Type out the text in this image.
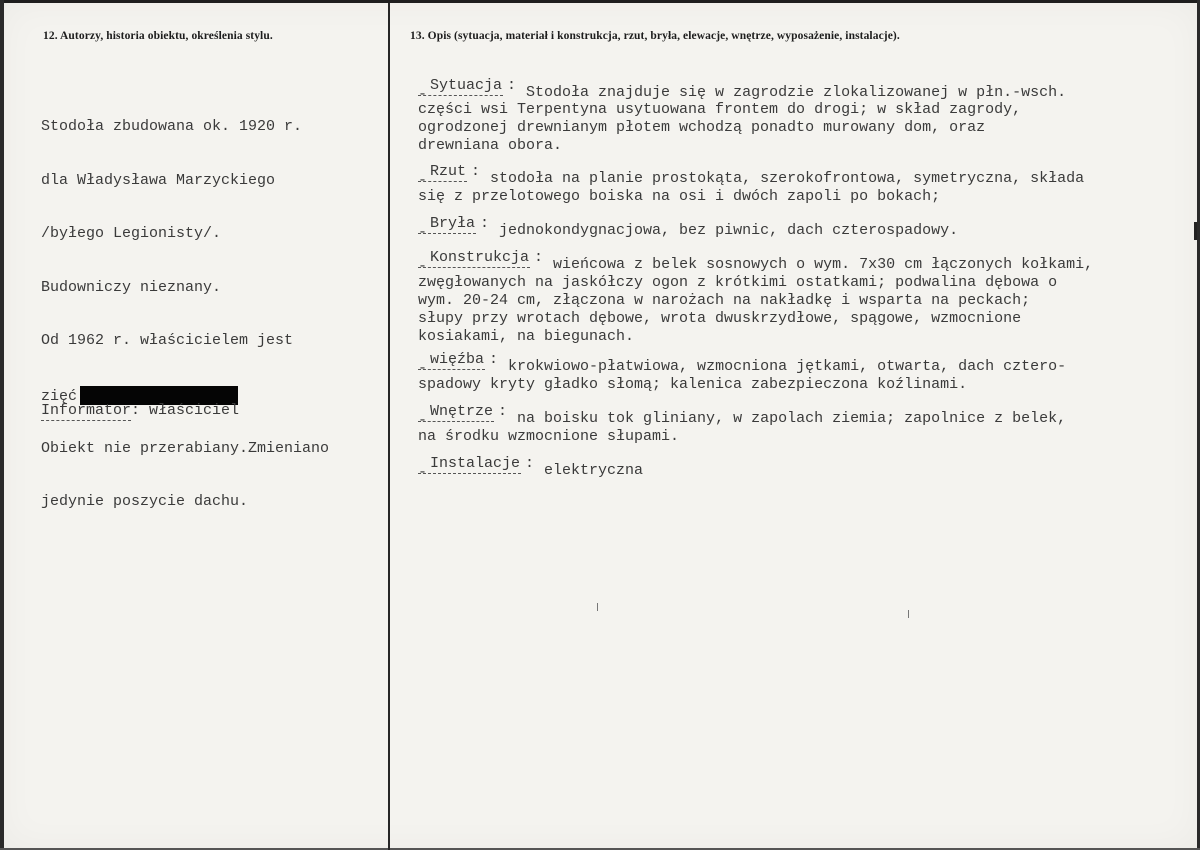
12. Autorzy, historia obiektu, określenia stylu.	13. Opis (sytuacja, materiał i konstrukcja, rzut, bryła, elewacje, wnętrze, wyposażenie, instalacje).

Stodoła zbudowana ok. 1920 r.

dla Władysława Marzyckiego

/byłego Legionisty/.

Budowniczy nieznany.

Od 1962 r. właścicielem jest

zięć

Obiekt nie przerabiany.Zmieniano

jedynie poszycie dachu.

Informator: właściciel
-
Sytuacja : Stodoła znajduje się w zagrodzie zlokalizowanej w płn.-wsch.
części wsi Terpentyna usytuowana frontem do drogi; w skład zagrody,
ogrodzonej drewnianym płotem wchodzą ponadto murowany dom, oraz
drewniana obora.
-
Rzut : stodoła na planie prostokąta, szerokofrontowa, symetryczna, składa
się z przelotowego boiska na osi i dwóch zapoli po bokach;
-
Bryła : jednokondygnacjowa, bez piwnic, dach czterospadowy.
-
Konstrukcja : wieńcowa z belek sosnowych o wym. 7x30 cm łączonych kołkami,
zwęgłowanych na jaskółczy ogon z krótkimi ostatkami; podwalina dębowa o
wym. 20-24 cm, złączona w narożach na nakładkę i wsparta na peckach;
słupy przy wrotach dębowe, wrota dwuskrzydłowe, spągowe, wzmocnione
kosiakami, na biegunach.
-
więźba : krokwiowo-płatwiowa, wzmocniona jętkami, otwarta, dach cztero-
spadowy kryty gładko słomą; kalenica zabezpieczona koźlinami.
-
Wnętrze : na boisku tok gliniany, w zapolach ziemia; zapolnice z belek,
na środku wzmocnione słupami.
-
Instalacje : elektryczna
